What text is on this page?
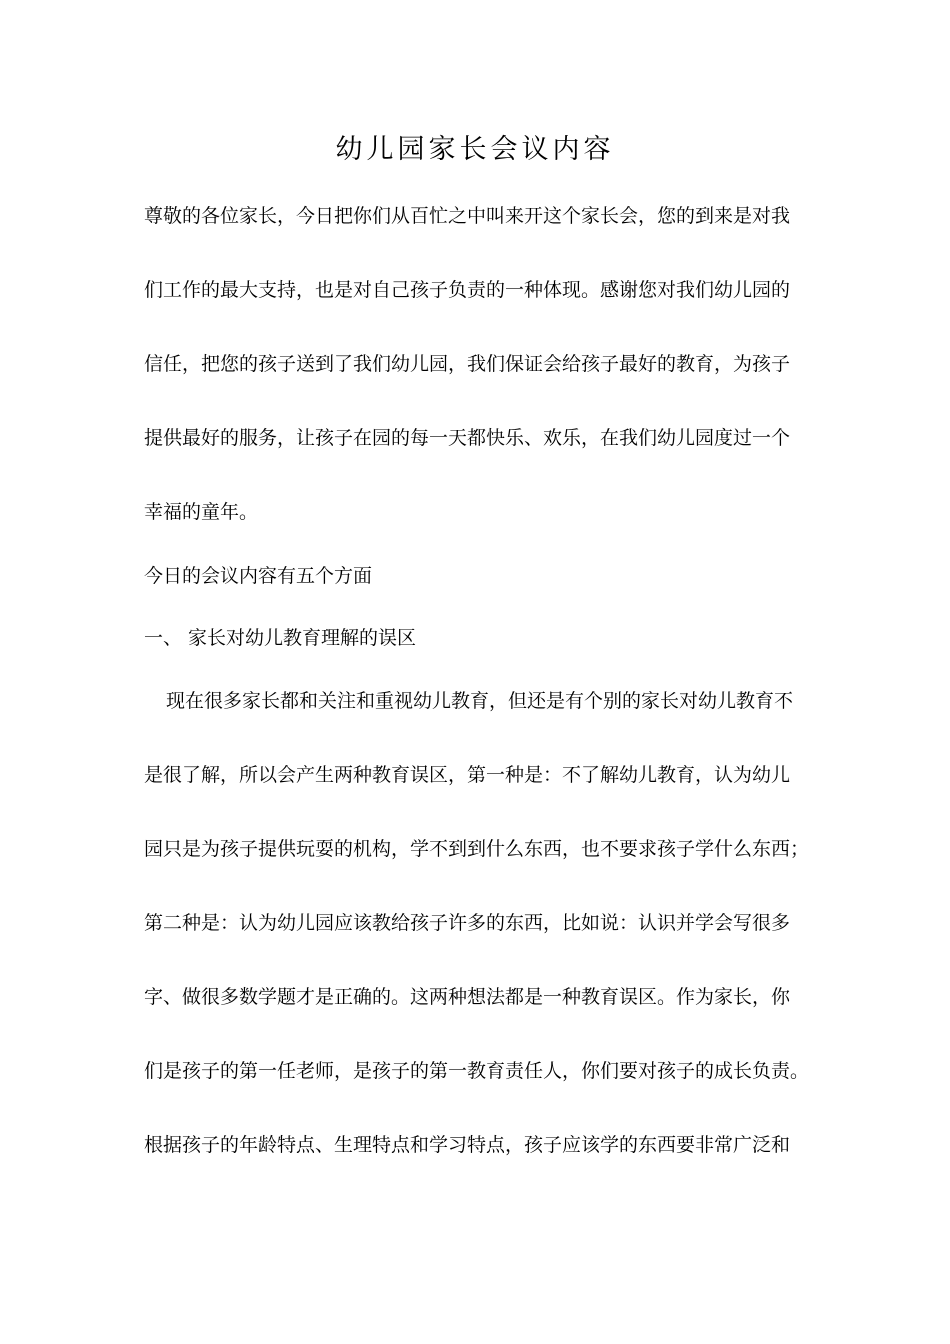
幼儿园家长会议内容
尊敬的各位家长，今日把你们从百忙之中叫来开这个家长会，您的到来是对我
们工作的最大支持，也是对自己孩子负责的一种体现。感谢您对我们幼儿园的
信任，把您的孩子送到了我们幼儿园，我们保证会给孩子最好的教育，为孩子
提供最好的服务，让孩子在园的每一天都快乐、欢乐，在我们幼儿园度过一个
幸福的童年。
今日的会议内容有五个方面
一、 家长对幼儿教育理解的误区
现在很多家长都和关注和重视幼儿教育，但还是有个别的家长对幼儿教育不
是很了解，所以会产生两种教育误区，第一种是：不了解幼儿教育，认为幼儿
园只是为孩子提供玩耍的机构，学不到到什么东西，也不要求孩子学什么东西；
第二种是：认为幼儿园应该教给孩子许多的东西，比如说：认识并学会写很多
字、做很多数学题才是正确的。这两种想法都是一种教育误区。作为家长，你
们是孩子的第一任老师，是孩子的第一教育责任人，你们要对孩子的成长负责。
根据孩子的年龄特点、生理特点和学习特点，孩子应该学的东西要非常广泛和
